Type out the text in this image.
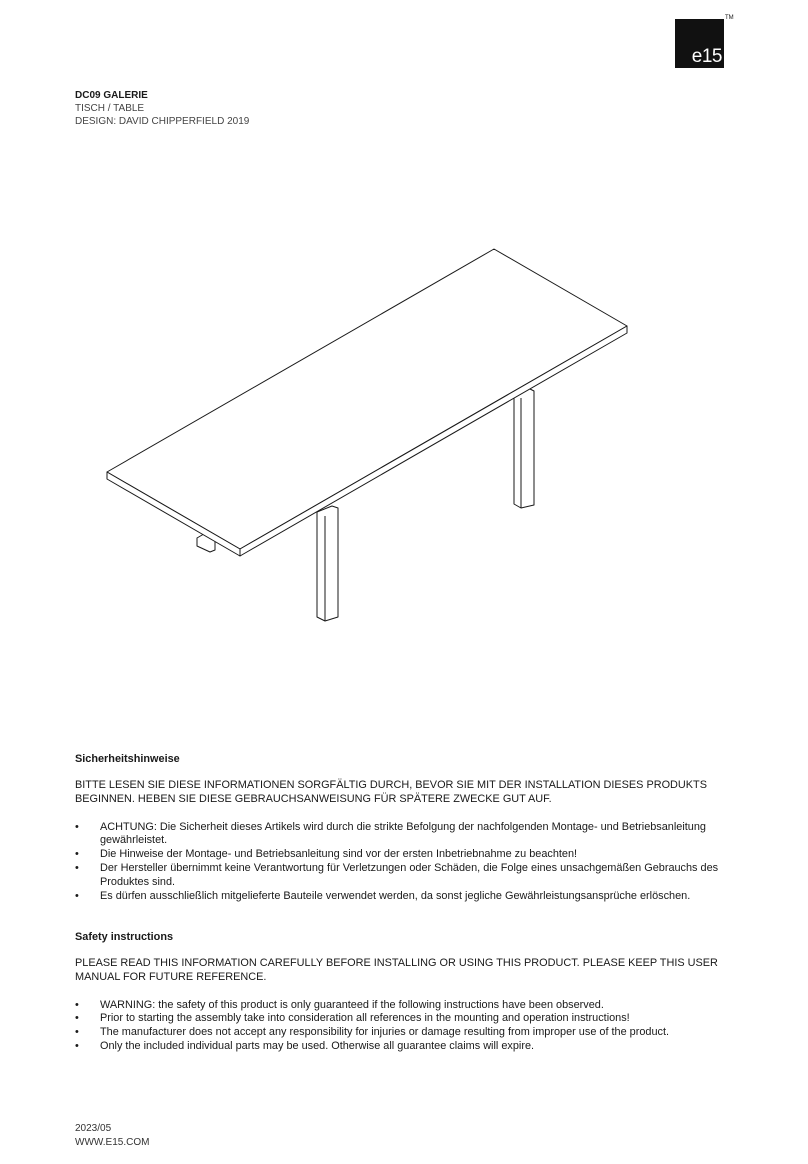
e15
TM
DC09 GALERIE
TISCH / TABLE
DESIGN: DAVID CHIPPERFIELD 2019
Sicherheitshinweise

BITTE LESEN SIE DIESE INFORMATIONEN SORGFÄLTIG DURCH, BEVOR SIE MIT DER INSTALLATION DIESES PRODUKTS BEGINNEN. HEBEN SIE DIESE GEBRAUCHSANWEISUNG FÜR SPÄTERE ZWECKE GUT AUF.

• ACHTUNG: Die Sicherheit dieses Artikels wird durch die strikte Befolgung der nachfolgenden Montage- und Betriebsanleitung gewährleistet.
• Die Hinweise der Montage- und Betriebsanleitung sind vor der ersten Inbetriebnahme zu beachten!
• Der Hersteller übernimmt keine Verantwortung für Verletzungen oder Schäden, die Folge eines unsachgemäßen Gebrauchs des Produktes sind.
• Es dürfen ausschließlich mitgelieferte Bauteile verwendet werden, da sonst jegliche Gewährleistungsansprüche erlöschen.
Safety instructions

PLEASE READ THIS INFORMATION CAREFULLY BEFORE INSTALLING OR USING THIS PRODUCT. PLEASE KEEP THIS USER MANUAL FOR FUTURE REFERENCE.

• WARNING: the safety of this product is only guaranteed if the following instructions have been observed.
• Prior to starting the assembly take into consideration all references in the mounting and operation instructions!
• The manufacturer does not accept any responsibility for injuries or damage resulting from improper use of the product.
• Only the included individual parts may be used. Otherwise all guarantee claims will expire.
2023/05
WWW.E15.COM
